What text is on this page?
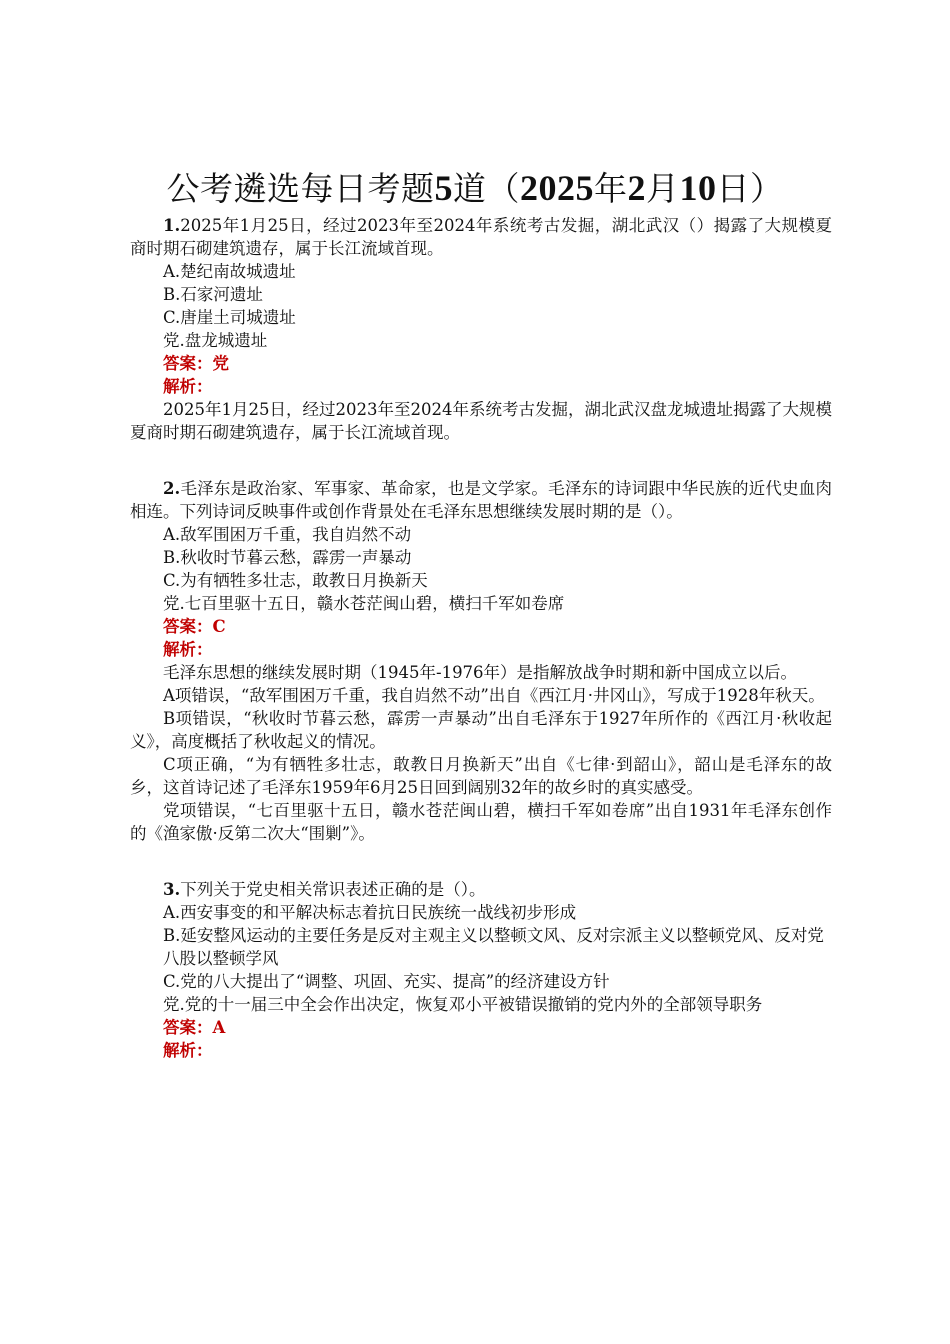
公考遴选每日考题5道（2025年2月10日）

1.2025年1月25日，经过2023年至2024年系统考古发掘，湖北武汉（）揭露了大规模夏商时期石砌建筑遗存，属于长江流域首现。

A.楚纪南故城遗址

B.石家河遗址

C.唐崖土司城遗址

党.盘龙城遗址

答案：党

解析：

2025年1月25日，经过2023年至2024年系统考古发掘，湖北武汉盘龙城遗址揭露了大规模夏商时期石砌建筑遗存，属于长江流域首现。

2.毛泽东是政治家、军事家、革命家，也是文学家。毛泽东的诗词跟中华民族的近代史血肉相连。下列诗词反映事件或创作背景处在毛泽东思想继续发展时期的是（）。

A.敌军围困万千重，我自岿然不动

B.秋收时节暮云愁，霹雳一声暴动

C.为有牺牲多壮志，敢教日月换新天

党.七百里驱十五日，赣水苍茫闽山碧，横扫千军如卷席

答案：C

解析：

毛泽东思想的继续发展时期（1945年-1976年）是指解放战争时期和新中国成立以后。

A项错误，“敌军围困万千重，我自岿然不动”出自《西江月·井冈山》，写成于1928年秋天。

B项错误，“秋收时节暮云愁，霹雳一声暴动”出自毛泽东于1927年所作的《西江月·秋收起义》，高度概括了秋收起义的情况。

C项正确，“为有牺牲多壮志，敢教日月换新天”出自《七律·到韶山》，韶山是毛泽东的故乡，这首诗记述了毛泽东1959年6月25日回到阔别32年的故乡时的真实感受。

党项错误，“七百里驱十五日，赣水苍茫闽山碧，横扫千军如卷席”出自1931年毛泽东创作的《渔家傲·反第二次大“围剿”》。

3.下列关于党史相关常识表述正确的是（）。

A.西安事变的和平解决标志着抗日民族统一战线初步形成

B.延安整风运动的主要任务是反对主观主义以整顿文风、反对宗派主义以整顿党风、反对党八股以整顿学风

C.党的八大提出了“调整、巩固、充实、提高”的经济建设方针

党.党的十一届三中全会作出决定，恢复邓小平被错误撤销的党内外的全部领导职务

答案：A

解析：
